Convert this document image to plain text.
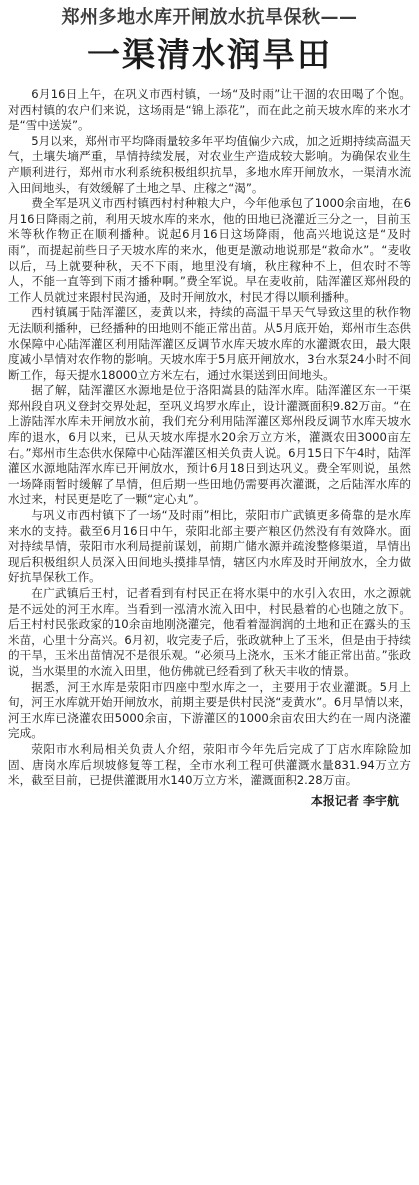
郑州多地水库开闸放水抗旱保秋——
一渠清水润旱田

6月16日上午，在巩义市西村镇，一场“及时雨”让干涸的农田喝了个饱。对西村镇的农户们来说，这场雨是“锦上添花”，而在此之前天坡水库的来水才是“雪中送炭”。

5月以来，郑州市平均降雨量较多年平均值偏少六成，加之近期持续高温天气，土壤失墒严重，旱情持续发展，对农业生产造成较大影响。为确保农业生产顺利进行，郑州市水利系统积极组织抗旱，多地水库开闸放水，一渠清水流入田间地头，有效缓解了土地之旱、庄稼之“渴”。

费全军是巩义市西村镇西村村种粮大户，今年他承包了1000余亩地，在6月16日降雨之前，利用天坡水库的来水，他的田地已浇灌近三分之一，目前玉米等秋作物正在顺利播种。说起6月16日这场降雨，他高兴地说这是“及时雨”，而提起前些日子天坡水库的来水，他更是激动地说那是“救命水”。“麦收以后，马上就要种秋，天不下雨，地里没有墒，秋庄稼种不上，但农时不等人，不能一直等到下雨才播种啊。”费全军说。早在麦收前，陆浑灌区郑州段的工作人员就过来跟村民沟通，及时开闸放水，村民才得以顺利播种。

西村镇属于陆浑灌区，麦黄以来，持续的高温干旱天气导致这里的秋作物无法顺利播种，已经播种的田地则不能正常出苗。从5月底开始，郑州市生态供水保障中心陆浑灌区利用陆浑灌区反调节水库天坡水库的水灌溉农田，最大限度减小旱情对农作物的影响。天坡水库于5月底开闸放水，3台水泵24小时不间断工作，每天提水18000立方米左右，通过水渠送到田间地头。

据了解，陆浑灌区水源地是位于洛阳嵩县的陆浑水库。陆浑灌区东一干渠郑州段自巩义登封交界处起，至巩义坞罗水库止，设计灌溉面积9.82万亩。“在上游陆浑水库未开闸放水前，我们充分利用陆浑灌区郑州段反调节水库天坡水库的退水，6月以来，已从天坡水库提水20余万立方米，灌溉农田3000亩左右。”郑州市生态供水保障中心陆浑灌区相关负责人说。6月15日下午4时，陆浑灌区水源地陆浑水库已开闸放水，预计6月18日到达巩义。费全军则说，虽然一场降雨暂时缓解了旱情，但后期一些田地仍需要再次灌溉，之后陆浑水库的水过来，村民更是吃了一颗“定心丸”。

与巩义市西村镇下了一场“及时雨”相比，荥阳市广武镇更多倚靠的是水库来水的支持。截至6月16日中午，荥阳北部主要产粮区仍然没有有效降水。面对持续旱情，荥阳市水利局提前谋划，前期广储水源并疏浚整修渠道，旱情出现后积极组织人员深入田间地头摸排旱情，辖区内水库及时开闸放水，全力做好抗旱保秋工作。

在广武镇后王村，记者看到有村民正在将水渠中的水引入农田，水之源就是不远处的河王水库。当看到一泓清水流入田中，村民悬着的心也随之放下。后王村村民张政家的10余亩地刚浇灌完，他看着湿润润的土地和正在露头的玉米苗，心里十分高兴。6月初，收完麦子后，张政就种上了玉米，但是由于持续的干旱，玉米出苗情况不是很乐观。“必须马上浇水，玉米才能正常出苗。”张政说，当水渠里的水流入田里，他仿佛就已经看到了秋天丰收的情景。

据悉，河王水库是荥阳市四座中型水库之一，主要用于农业灌溉。5月上旬，河王水库就开始开闸放水，前期主要是供村民浇“麦黄水”。6月旱情以来，河王水库已浇灌农田5000余亩，下游灌区的1000余亩农田大约在一周内浇灌完成。

荥阳市水利局相关负责人介绍，荥阳市今年先后完成了丁店水库除险加固、唐岗水库后坝坡修复等工程，全市水利工程可供灌溉水量831.94万立方米，截至目前，已提供灌溉用水140万立方米，灌溉面积2.28万亩。

本报记者 李宇航
